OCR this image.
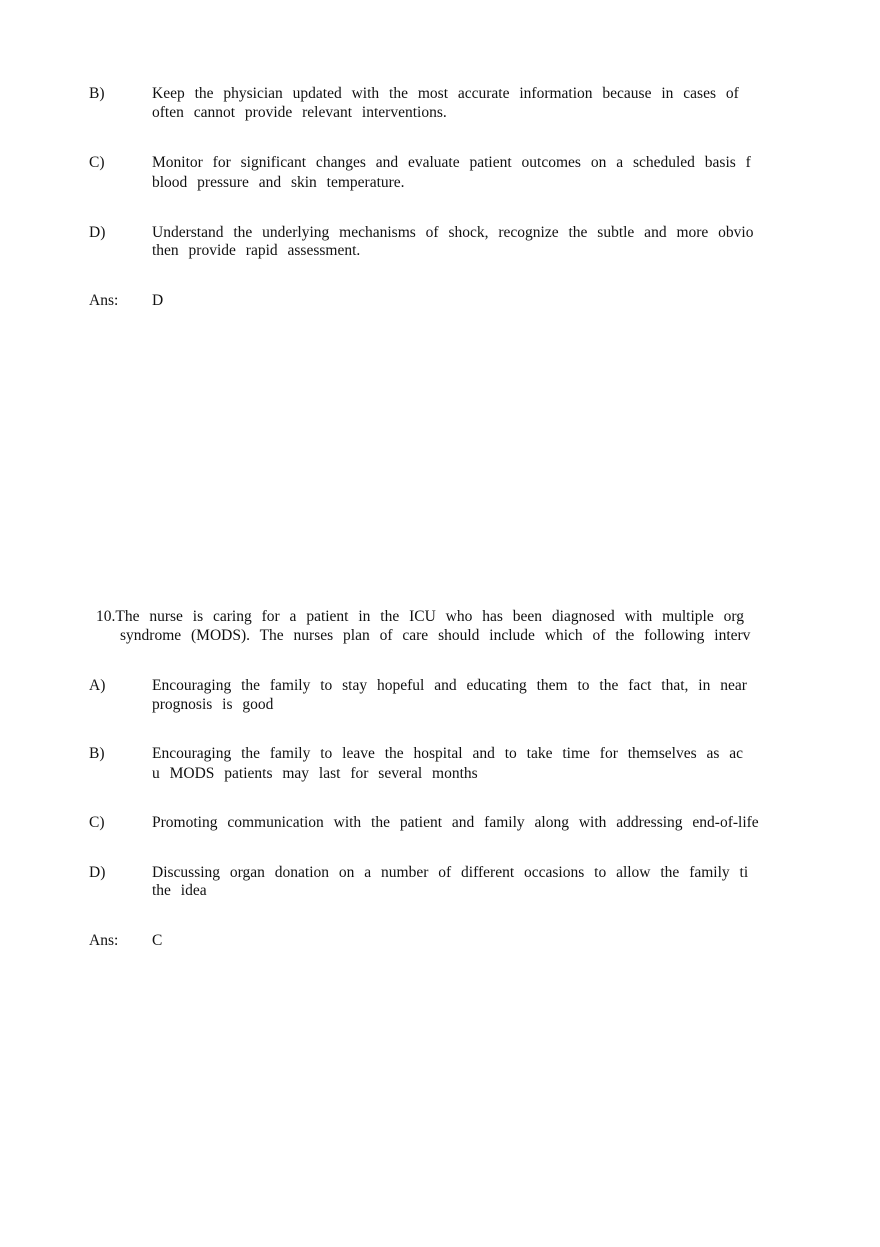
B)	Keep the physician updated with the most accurate information because in cases of
often cannot provide relevant interventions.
C)	Monitor for significant changes and evaluate patient outcomes on a scheduled basis f
blood pressure and skin temperature.
D)	Understand the underlying mechanisms of shock, recognize the subtle and more obvio
then provide rapid assessment.
Ans: D
10.The nurse is caring for a patient in the ICU who has been diagnosed with multiple org
syndrome (MODS). The nurses plan of care should include which of the following interv
A)	Encouraging the family to stay hopeful and educating them to the fact that, in near
prognosis is good
B)	Encouraging the family to leave the hospital and to take time for themselves as ac
u MODS patients may last for several months
C)	Promoting communication with the patient and family along with addressing end-of-life
D)	Discussing organ donation on a number of different occasions to allow the family ti
the idea
Ans: C
